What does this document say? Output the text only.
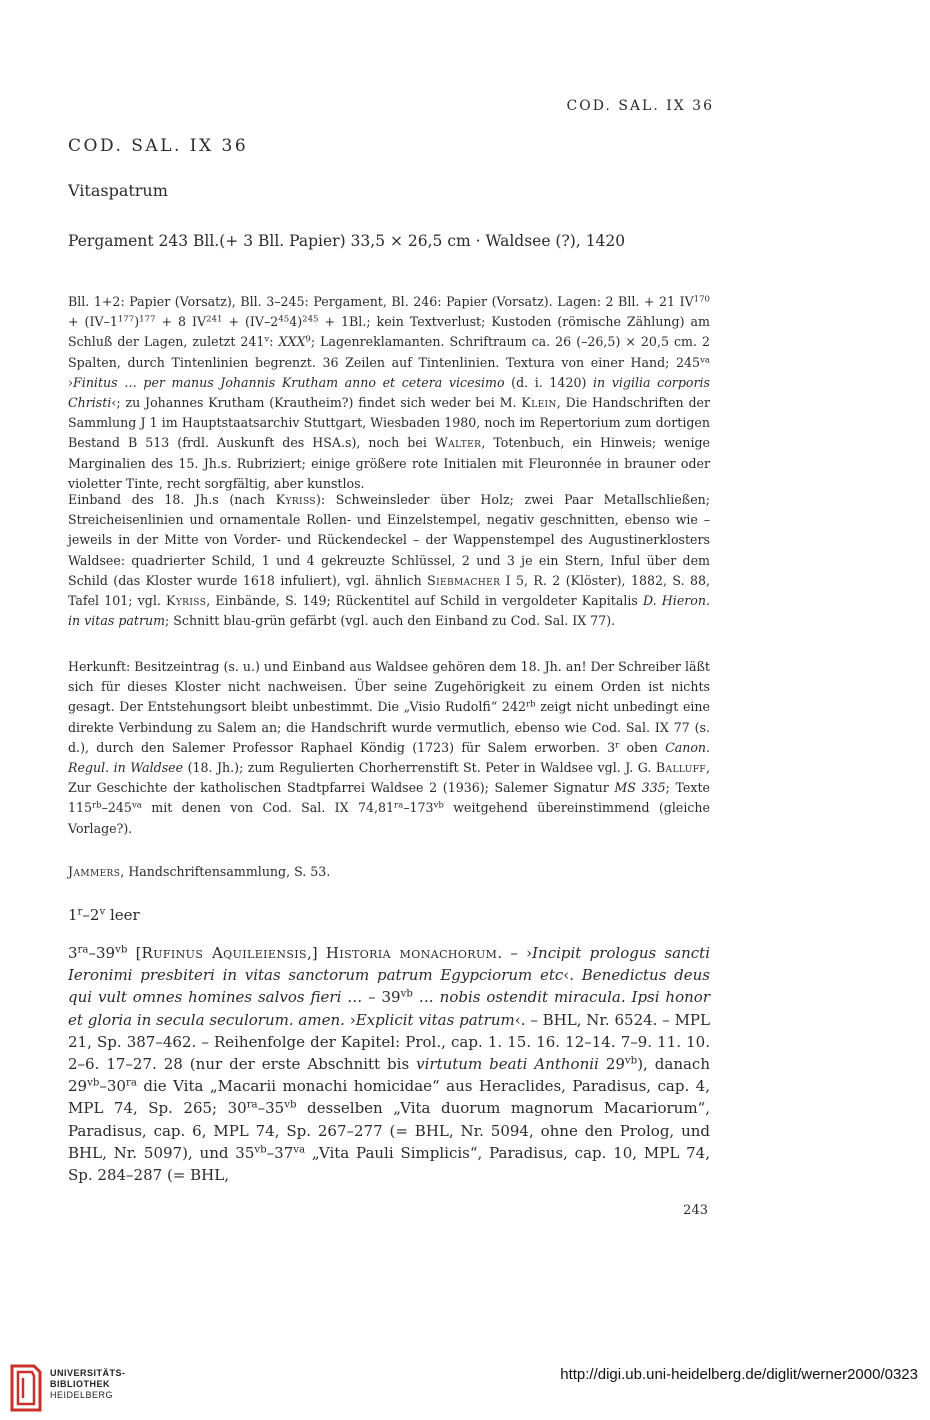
COD. SAL. IX 36
COD. SAL. IX 36
Vitaspatrum
Pergament 243 Bll.(+ 3 Bll. Papier) 33,5 × 26,5 cm · Waldsee (?), 1420

Bll. 1+2: Papier (Vorsatz), Bll. 3–245: Pergament, Bl. 246: Papier (Vorsatz). Lagen: 2 Bll. + 21 $IV^{170} + (IV-1^{177})^{177} + 8$ $IV^{241} + (IV-2^{45}4)^{245} + 1Bl$.; kein Textverlust; Kustoden (römische Zählung) am Schluß der Lagen, zuletzt 241$^v$: XXX$^9$; Lagenreklamanten. Schriftraum ca. 26 (–26,5) × 20,5 cm. 2 Spalten, durch Tintenlinien begrenzt. 36 Zeilen auf Tintenlinien. Textura von einer Hand; $245^{va}$ ›Finitus … per manus Johannis Krutham anno et cetera vicesimo (d. i. 1420) in vigilia corporis Christi‹; zu Johannes Krutham (Krautheim?) findet sich weder bei M. Klein, Die Handschriften der Sammlung J 1 im Hauptstaatsarchiv Stuttgart, Wiesbaden 1980, noch im Repertorium zum dortigen Bestand B 513 (frdl. Auskunft des HSA.s), noch bei Walter, Totenbuch, ein Hinweis; wenige Marginalien des 15. Jh.s. Rubriziert; einige größere rote Initialen mit Fleuronnée in brauner oder violetter Tinte, recht sorgfältig, aber kunstlos.

Einband des 18. Jh.s (nach Kyriss): Schweinsleder über Holz; zwei Paar Metallschließen; Streicheisenlinien und ornamentale Rollen- und Einzelstempel, negativ geschnitten, ebenso wie – jeweils in der Mitte von Vorder- und Rückendeckel – der Wappenstempel des Augustinerklosters Waldsee: quadrierter Schild, 1 und 4 gekreuzte Schlüssel, 2 und 3 je ein Stern, Inful über dem Schild (das Kloster wurde 1618 infuliert), vgl. ähnlich Siebmacher I 5, R. 2 (Klöster), 1882, S. 88, Tafel 101; vgl. Kyriss, Einbände, S. 149; Rückentitel auf Schild in vergoldeter Kapitalis D. Hieron. in vitas patrum; Schnitt blau-grün gefärbt (vgl. auch den Einband zu Cod. Sal. IX 77).

Herkunft: Besitzeintrag (s. u.) und Einband aus Waldsee gehören dem 18. Jh. an! Der Schreiber läßt sich für dieses Kloster nicht nachweisen. Über seine Zugehörigkeit zu einem Orden ist nichts gesagt. Der Entstehungsort bleibt unbestimmt. Die „Visio Rudolfi“ $242^{rb}$ zeigt nicht unbedingt eine direkte Verbindung zu Salem an; die Handschrift wurde vermutlich, ebenso wie Cod. Sal. IX 77 (s. d.), durch den Salemer Professor Raphael Köndig (1723) für Salem erworben. 3$^r$ oben Canon. Regul. in Waldsee (18. Jh.); zum Regulierten Chorherrenstift St. Peter in Waldsee vgl. J. G. Balluff, Zur Geschichte der katholischen Stadtpfarrei Waldsee 2 (1936); Salemer Signatur MS 335; Texte $115^{rb}-245^{va}$ mit denen von Cod. Sal. IX $74,81^{ra}-173^{vb}$ weitgehend übereinstimmend (gleiche Vorlage?).

Jammers, Handschriftensammlung, S. 53.

1$^r$–2$^v$ leer

$3^{ra}-39^{vb}$ [Rufinus Aquileiensis,] Historia monachorum. – ›Incipit prologus sancti Ieronimi presbiteri in vitas sanctorum patrum Egypciorum etc‹. Benedictus deus qui vult omnes homines salvos fieri … – $39^{vb}$ … nobis ostendit miracula. Ipsi honor et gloria in secula seculorum. amen. ›Explicit vitas patrum‹. – BHL, Nr. 6524. – MPL 21, Sp. 387–462. – Reihenfolge der Kapitel: Prol., cap. 1. 15. 16. 12–14. 7–9. 11. 10. 2–6. 17–27. 28 (nur der erste Abschnitt bis virtutum beati Anthonii $29^{vb}$), danach $29^{vb}-30^{ra}$ die Vita „Macarii monachi homicidae“ aus Heraclides, Paradisus, cap. 4, MPL 74, Sp. 265; $30^{ra}-35^{vb}$ desselben „Vita duorum magnorum Macariorum“, Paradisus, cap. 6, MPL 74, Sp. 267–277 (= BHL, Nr. 5094, ohne den Prolog, und BHL, Nr. 5097), und $35^{vb}-37^{va}$ „Vita Pauli Simplicis“, Paradisus, cap. 10, MPL 74, Sp. 284–287 (= BHL,

243
UNIVERSITÄTS-
BIBLIOTHEK
HEIDELBERG
http://digi.ub.uni-heidelberg.de/diglit/werner2000/0323
